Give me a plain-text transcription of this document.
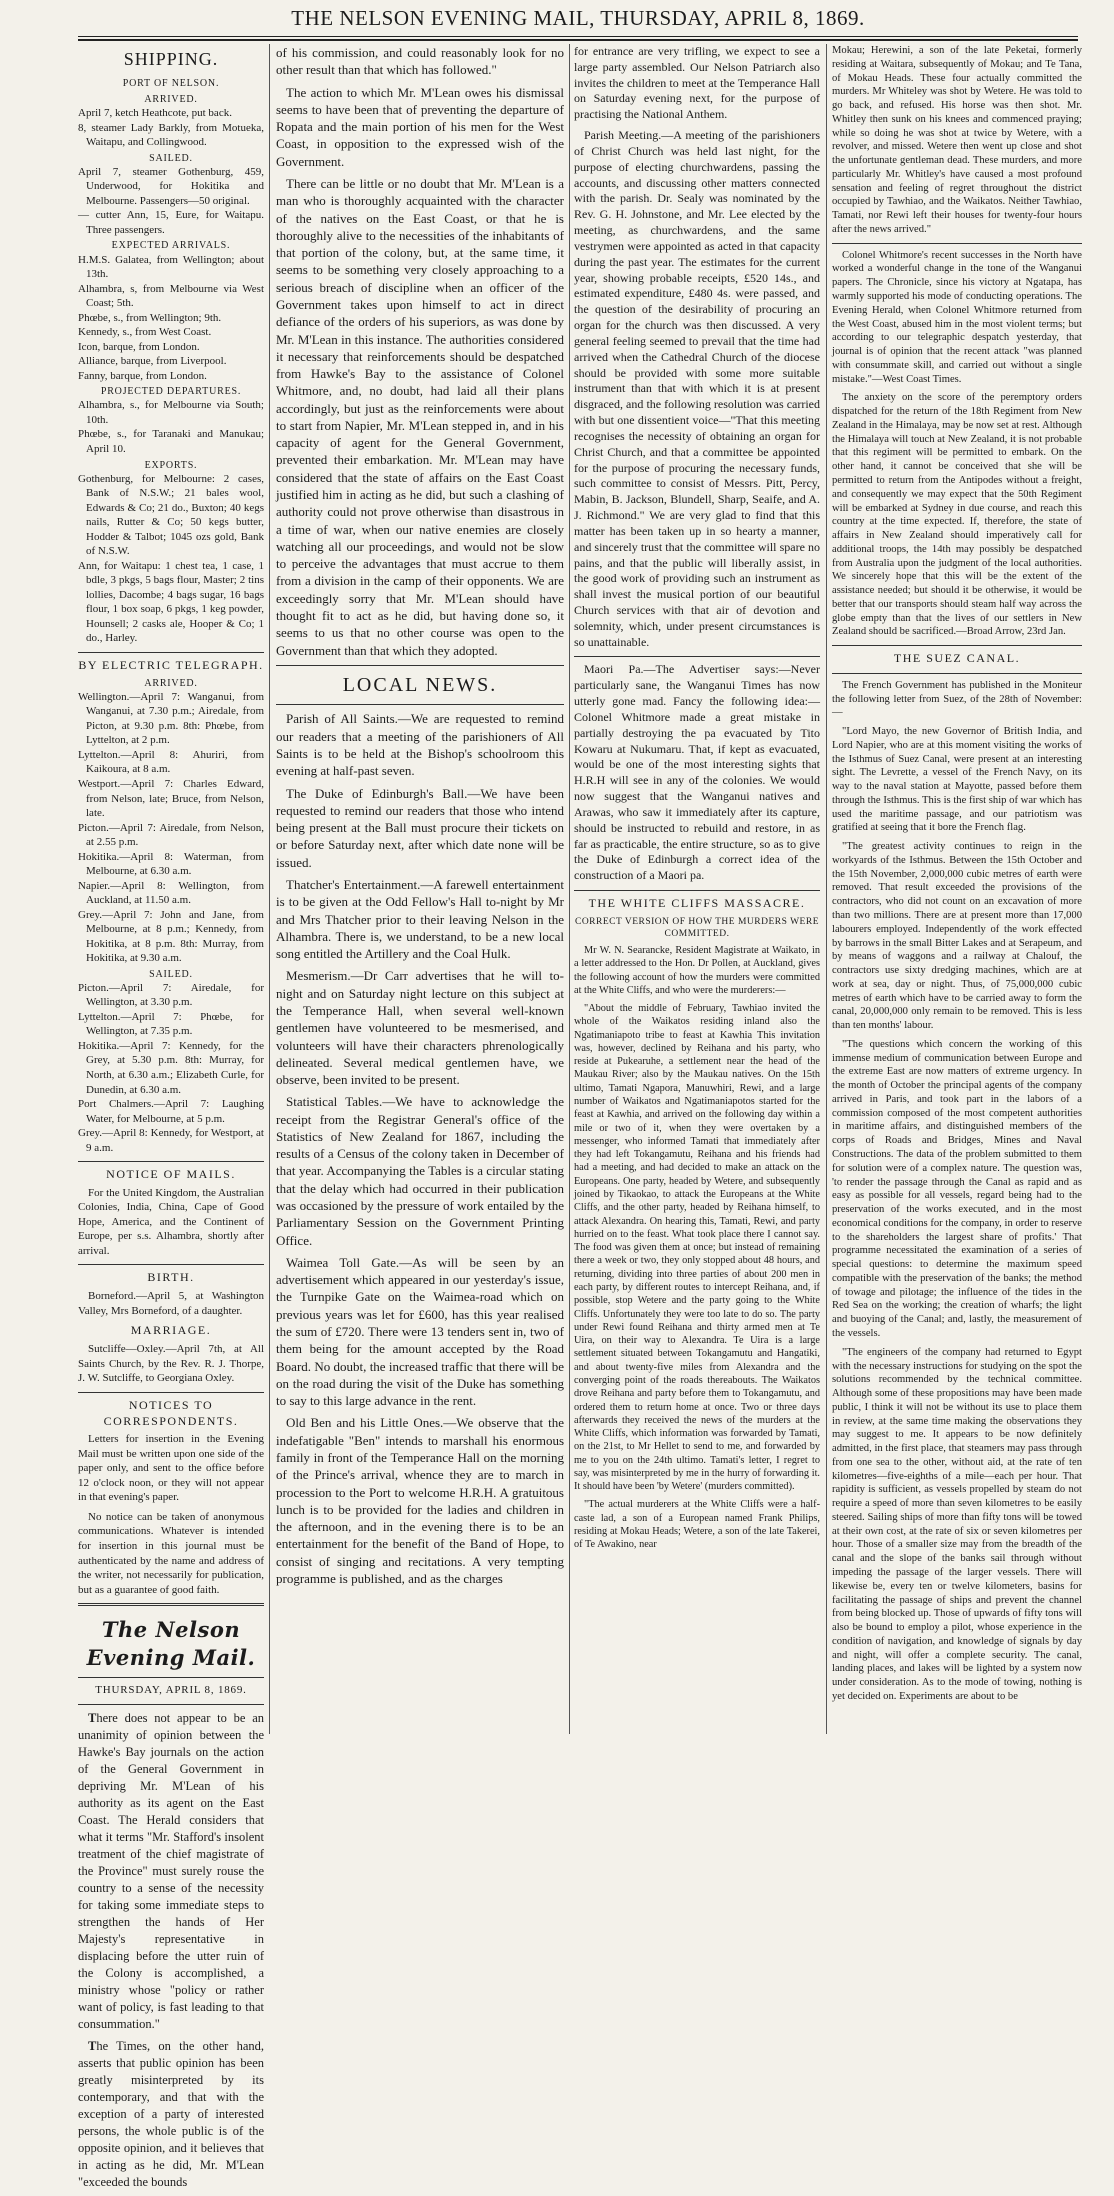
THE NELSON EVENING MAIL, THURSDAY, APRIL 8, 1869.
SHIPPING.
PORT OF NELSON.
ARRIVED.
April 7, ketch Heathcote, put back.
8, steamer Lady Barkly, from Motueka, Waitapu, and Collingwood.
SAILED.
April 7, steamer Gothenburg, 459, Underwood, for Hokitika and Melbourne. Passengers—50 original.
— cutter Ann, 15, Eure, for Waitapu. Three passengers.
EXPECTED ARRIVALS.
H.M.S. Galatea, from Wellington; about 13th.
Alhambra, s, from Melbourne via West Coast; 5th.
Phœbe, s., from Wellington; 9th.
Kennedy, s., from West Coast.
Icon, barque, from London.
Alliance, barque, from Liverpool.
Fanny, barque, from London.
PROJECTED DEPARTURES.
Alhambra, s., for Melbourne via South; 10th.
Phœbe, s., for Taranaki and Manukau; April 10.
EXPORTS.
Gothenburg, for Melbourne: 2 cases, Bank of N.S.W.; 21 bales wool, Edwards & Co; 21 do., Buxton; 40 kegs nails, Rutter & Co; 50 kegs butter, Hodder & Talbot; 1045 ozs gold, Bank of N.S.W.
Ann, for Waitapu: 1 chest tea, 1 case, 1 bdle, 3 pkgs, 5 bags flour, Master; 2 tins lollies, Dacombe; 4 bags sugar, 16 bags flour, 1 box soap, 6 pkgs, 1 keg powder, Hounsell; 2 casks ale, Hooper & Co; 1 do., Harley.
BY ELECTRIC TELEGRAPH.
ARRIVED.
Wellington.—April 7: Wanganui, from Wanganui, at 7.30 p.m.; Airedale, from Picton, at 9.30 p.m. 8th: Phœbe, from Lyttelton, at 2 p.m.
Lyttelton.—April 8: Ahuriri, from Kaikoura, at 8 a.m.
Westport.—April 7: Charles Edward, from Nelson, late; Bruce, from Nelson, late.
Picton.—April 7: Airedale, from Nelson, at 2.55 p.m.
Hokitika.—April 8: Waterman, from Melbourne, at 6.30 a.m.
Napier.—April 8: Wellington, from Auckland, at 11.50 a.m.
Grey.—April 7: John and Jane, from Melbourne, at 8 p.m.; Kennedy, from Hokitika, at 8 p.m. 8th: Murray, from Hokitika, at 9.30 a.m.
SAILED.
Picton.—April 7: Airedale, for Wellington, at 3.30 p.m.
Lyttelton.—April 7: Phœbe, for Wellington, at 7.35 p.m.
Hokitika.—April 7: Kennedy, for the Grey, at 5.30 p.m. 8th: Murray, for North, at 6.30 a.m.; Elizabeth Curle, for Dunedin, at 6.30 a.m.
Port Chalmers.—April 7: Laughing Water, for Melbourne, at 5 p.m.
Grey.—April 8: Kennedy, for Westport, at 9 a.m.
NOTICE OF MAILS.

For the United Kingdom, the Australian Colonies, India, China, Cape of Good Hope, America, and the Continent of Europe, per s.s. Alhambra, shortly after arrival.

BIRTH.

Borneford.—April 5, at Washington Valley, Mrs Borneford, of a daughter.

MARRIAGE.

Sutcliffe—Oxley.—April 7th, at All Saints Church, by the Rev. R. J. Thorpe, J. W. Sutcliffe, to Georgiana Oxley.

NOTICES TO CORRESPONDENTS.

Letters for insertion in the Evening Mail must be written upon one side of the paper only, and sent to the office before 12 o'clock noon, or they will not appear in that evening's paper.

No notice can be taken of anonymous communications. Whatever is intended for insertion in this journal must be authenticated by the name and address of the writer, not necessarily for publication, but as a guarantee of good faith.

The Nelson Evening Mail.
THURSDAY, APRIL 8, 1869.

There does not appear to be an unanimity of opinion between the Hawke's Bay journals on the action of the General Government in depriving Mr. M'Lean of his authority as its agent on the East Coast. The Herald considers that what it terms "Mr. Stafford's insolent treatment of the chief magistrate of the Province" must surely rouse the country to a sense of the necessity for taking some immediate steps to strengthen the hands of Her Majesty's representative in displacing before the utter ruin of the Colony is accomplished, a ministry whose "policy or rather want of policy, is fast leading to that consummation."

The Times, on the other hand, asserts that public opinion has been greatly misinterpreted by its contemporary, and that with the exception of a party of interested persons, the whole public is of the opposite opinion, and it believes that in acting as he did, Mr. M'Lean "exceeded the bounds

of his commission, and could reasonably look for no other result than that which has followed."

The action to which Mr. M'Lean owes his dismissal seems to have been that of preventing the departure of Ropata and the main portion of his men for the West Coast, in opposition to the expressed wish of the Government.

There can be little or no doubt that Mr. M'Lean is a man who is thoroughly acquainted with the character of the natives on the East Coast, or that he is thoroughly alive to the necessities of the inhabitants of that portion of the colony, but, at the same time, it seems to be something very closely approaching to a serious breach of discipline when an officer of the Government takes upon himself to act in direct defiance of the orders of his superiors, as was done by Mr. M'Lean in this instance. The authorities considered it necessary that reinforcements should be despatched from Hawke's Bay to the assistance of Colonel Whitmore, and, no doubt, had laid all their plans accordingly, but just as the reinforcements were about to start from Napier, Mr. M'Lean stepped in, and in his capacity of agent for the General Government, prevented their embarkation. Mr. M'Lean may have considered that the state of affairs on the East Coast justified him in acting as he did, but such a clashing of authority could not prove otherwise than disastrous in a time of war, when our native enemies are closely watching all our proceedings, and would not be slow to perceive the advantages that must accrue to them from a division in the camp of their opponents. We are exceedingly sorry that Mr. M'Lean should have thought fit to act as he did, but having done so, it seems to us that no other course was open to the Government than that which they adopted.

LOCAL NEWS.

Parish of All Saints.—We are requested to remind our readers that a meeting of the parishioners of All Saints is to be held at the Bishop's schoolroom this evening at half-past seven.

The Duke of Edinburgh's Ball.—We have been requested to remind our readers that those who intend being present at the Ball must procure their tickets on or before Saturday next, after which date none will be issued.

Thatcher's Entertainment.—A farewell entertainment is to be given at the Odd Fellow's Hall to-night by Mr and Mrs Thatcher prior to their leaving Nelson in the Alhambra. There is, we understand, to be a new local song entitled the Artillery and the Coal Hulk.

Mesmerism.—Dr Carr advertises that he will to-night and on Saturday night lecture on this subject at the Temperance Hall, when several well-known gentlemen have volunteered to be mesmerised, and volunteers will have their characters phrenologically delineated. Several medical gentlemen have, we observe, been invited to be present.

Statistical Tables.—We have to acknowledge the receipt from the Registrar General's office of the Statistics of New Zealand for 1867, including the results of a Census of the colony taken in December of that year. Accompanying the Tables is a circular stating that the delay which had occurred in their publication was occasioned by the pressure of work entailed by the Parliamentary Session on the Government Printing Office.

Waimea Toll Gate.—As will be seen by an advertisement which appeared in our yesterday's issue, the Turnpike Gate on the Waimea-road which on previous years was let for £600, has this year realised the sum of £720. There were 13 tenders sent in, two of them being for the amount accepted by the Road Board. No doubt, the increased traffic that there will be on the road during the visit of the Duke has something to say to this large advance in the rent.

Old Ben and his Little Ones.—We observe that the indefatigable "Ben" intends to marshall his enormous family in front of the Temperance Hall on the morning of the Prince's arrival, whence they are to march in procession to the Port to welcome H.R.H. A gratuitous lunch is to be provided for the ladies and children in the afternoon, and in the evening there is to be an entertainment for the benefit of the Band of Hope, to consist of singing and recitations. A very tempting programme is published, and as the charges

for entrance are very trifling, we expect to see a large party assembled. Our Nelson Patriarch also invites the children to meet at the Temperance Hall on Saturday evening next, for the purpose of practising the National Anthem.

Parish Meeting.—A meeting of the parishioners of Christ Church was held last night, for the purpose of electing churchwardens, passing the accounts, and discussing other matters connected with the parish. Dr. Sealy was nominated by the Rev. G. H. Johnstone, and Mr. Lee elected by the meeting, as churchwardens, and the same vestrymen were appointed as acted in that capacity during the past year. The estimates for the current year, showing probable receipts, £520 14s., and estimated expenditure, £480 4s. were passed, and the question of the desirability of procuring an organ for the church was then discussed. A very general feeling seemed to prevail that the time had arrived when the Cathedral Church of the diocese should be provided with some more suitable instrument than that with which it is at present disgraced, and the following resolution was carried with but one dissentient voice—"That this meeting recognises the necessity of obtaining an organ for Christ Church, and that a committee be appointed for the purpose of procuring the necessary funds, such committee to consist of Messrs. Pitt, Percy, Mabin, B. Jackson, Blundell, Sharp, Seaife, and A. J. Richmond." We are very glad to find that this matter has been taken up in so hearty a manner, and sincerely trust that the committee will spare no pains, and that the public will liberally assist, in the good work of providing such an instrument as shall invest the musical portion of our beautiful Church services with that air of devotion and solemnity, which, under present circumstances is so unattainable.

Maori Pa.—The Advertiser says:—Never particularly sane, the Wanganui Times has now utterly gone mad. Fancy the following idea:—Colonel Whitmore made a great mistake in partially destroying the pa evacuated by Tito Kowaru at Nukumaru. That, if kept as evacuated, would be one of the most interesting sights that H.R.H will see in any of the colonies. We would now suggest that the Wanganui natives and Arawas, who saw it immediately after its capture, should be instructed to rebuild and restore, in as far as practicable, the entire structure, so as to give the Duke of Edinburgh a correct idea of the construction of a Maori pa.

THE WHITE CLIFFS MASSACRE.
CORRECT VERSION OF HOW THE MURDERS WERE COMMITTED.

Mr W. N. Searancke, Resident Magistrate at Waikato, in a letter addressed to the Hon. Dr Pollen, at Auckland, gives the following account of how the murders were committed at the White Cliffs, and who were the murderers:—

"About the middle of February, Tawhiao invited the whole of the Waikatos residing inland also the Ngatimaniapoto tribe to feast at Kawhia This invitation was, however, declined by Reihana and his party, who reside at Pukearuhe, a settlement near the head of the Maukau River; also by the Maukau natives. On the 15th ultimo, Tamati Ngapora, Manuwhiri, Rewi, and a large number of Waikatos and Ngatimaniapotos started for the feast at Kawhia, and arrived on the following day within a mile or two of it, when they were overtaken by a messenger, who informed Tamati that immediately after they had left Tokangamutu, Reihana and his friends had had a meeting, and had decided to make an attack on the Europeans. One party, headed by Wetere, and subsequently joined by Tikaokao, to attack the Europeans at the White Cliffs, and the other party, headed by Reihana himself, to attack Alexandra. On hearing this, Tamati, Rewi, and party hurried on to the feast. What took place there I cannot say. The food was given them at once; but instead of remaining there a week or two, they only stopped about 48 hours, and returning, dividing into three parties of about 200 men in each party, by different routes to intercept Reihana, and, if possible, stop Wetere and the party going to the White Cliffs. Unfortunately they were too late to do so. The party under Rewi found Reihana and thirty armed men at Te Uira, on their way to Alexandra. Te Uira is a large settlement situated between Tokangamutu and Hangatiki, and about twenty-five miles from Alexandra and the converging point of the roads thereabouts. The Waikatos drove Reihana and party before them to Tokangamutu, and ordered them to return home at once. Two or three days afterwards they received the news of the murders at the White Cliffs, which information was forwarded by Tamati, on the 21st, to Mr Hellet to send to me, and forwarded by me to you on the 24th ultimo. Tamati's letter, I regret to say, was misinterpreted by me in the hurry of forwarding it. It should have been 'by Wetere' (murders committed).

"The actual murderers at the White Cliffs were a half-caste lad, a son of a European named Frank Philips, residing at Mokau Heads; Wetere, a son of the late Takerei, of Te Awakino, near

Mokau; Herewini, a son of the late Peketai, formerly residing at Waitara, subsequently of Mokau; and Te Tana, of Mokau Heads. These four actually committed the murders. Mr Whiteley was shot by Wetere. He was told to go back, and refused. His horse was then shot. Mr. Whitley then sunk on his knees and commenced praying; while so doing he was shot at twice by Wetere, with a revolver, and missed. Wetere then went up close and shot the unfortunate gentleman dead. These murders, and more particularly Mr. Whitley's have caused a most profound sensation and feeling of regret throughout the district occupied by Tawhiao, and the Waikatos. Neither Tawhiao, Tamati, nor Rewi left their houses for twenty-four hours after the news arrived."

Colonel Whitmore's recent successes in the North have worked a wonderful change in the tone of the Wanganui papers. The Chronicle, since his victory at Ngatapa, has warmly supported his mode of conducting operations. The Evening Herald, when Colonel Whitmore returned from the West Coast, abused him in the most violent terms; but according to our telegraphic despatch yesterday, that journal is of opinion that the recent attack "was planned with consummate skill, and carried out without a single mistake."—West Coast Times.

The anxiety on the score of the peremptory orders dispatched for the return of the 18th Regiment from New Zealand in the Himalaya, may be now set at rest. Although the Himalaya will touch at New Zealand, it is not probable that this regiment will be permitted to embark. On the other hand, it cannot be conceived that she will be permitted to return from the Antipodes without a freight, and consequently we may expect that the 50th Regiment will be embarked at Sydney in due course, and reach this country at the time expected. If, therefore, the state of affairs in New Zealand should imperatively call for additional troops, the 14th may possibly be despatched from Australia upon the judgment of the local authorities. We sincerely hope that this will be the extent of the assistance needed; but should it be otherwise, it would be better that our transports should steam half way across the globe empty than that the lives of our settlers in New Zealand should be sacrificed.—Broad Arrow, 23rd Jan.

THE SUEZ CANAL.

The French Government has published in the Moniteur the following letter from Suez, of the 28th of November:—

"Lord Mayo, the new Governor of British India, and Lord Napier, who are at this moment visiting the works of the Isthmus of Suez Canal, were present at an interesting sight. The Levrette, a vessel of the French Navy, on its way to the naval station at Mayotte, passed before them through the Isthmus. This is the first ship of war which has used the maritime passage, and our patriotism was gratified at seeing that it bore the French flag.

"The greatest activity continues to reign in the workyards of the Isthmus. Between the 15th October and the 15th November, 2,000,000 cubic metres of earth were removed. That result exceeded the provisions of the contractors, who did not count on an excavation of more than two millions. There are at present more than 17,000 labourers employed. Independently of the work effected by barrows in the small Bitter Lakes and at Serapeum, and by means of waggons and a railway at Chalouf, the contractors use sixty dredging machines, which are at work at sea, day or night. Thus, of 75,000,000 cubic metres of earth which have to be carried away to form the canal, 20,000,000 only remain to be removed. This is less than ten months' labour.

"The questions which concern the working of this immense medium of communication between Europe and the extreme East are now matters of extreme urgency. In the month of October the principal agents of the company arrived in Paris, and took part in the labors of a commission composed of the most competent authorities in maritime affairs, and distinguished members of the corps of Roads and Bridges, Mines and Naval Constructions. The data of the problem submitted to them for solution were of a complex nature. The question was, 'to render the passage through the Canal as rapid and as easy as possible for all vessels, regard being had to the preservation of the works executed, and in the most economical conditions for the company, in order to reserve to the shareholders the largest share of profits.' That programme necessitated the examination of a series of special questions: to determine the maximum speed compatible with the preservation of the banks; the method of towage and pilotage; the influence of the tides in the Red Sea on the working; the creation of wharfs; the light and buoying of the Canal; and, lastly, the measurement of the vessels.

"The engineers of the company had returned to Egypt with the necessary instructions for studying on the spot the solutions recommended by the technical committee. Although some of these propositions may have been made public, I think it will not be without its use to place them in review, at the same time making the observations they may suggest to me. It appears to be now definitely admitted, in the first place, that steamers may pass through from one sea to the other, without aid, at the rate of ten kilometres—five-eighths of a mile—each per hour. That rapidity is sufficient, as vessels propelled by steam do not require a speed of more than seven kilometres to be easily steered. Sailing ships of more than fifty tons will be towed at their own cost, at the rate of six or seven kilometres per hour. Those of a smaller size may from the breadth of the canal and the slope of the banks sail through without impeding the passage of the larger vessels. There will likewise be, every ten or twelve kilometers, basins for facilitating the passage of ships and prevent the channel from being blocked up. Those of upwards of fifty tons will also be bound to employ a pilot, whose experience in the condition of navigation, and knowledge of signals by day and night, will offer a complete security. The canal, landing places, and lakes will be lighted by a system now under consideration. As to the mode of towing, nothing is yet decided on. Experiments are about to be
